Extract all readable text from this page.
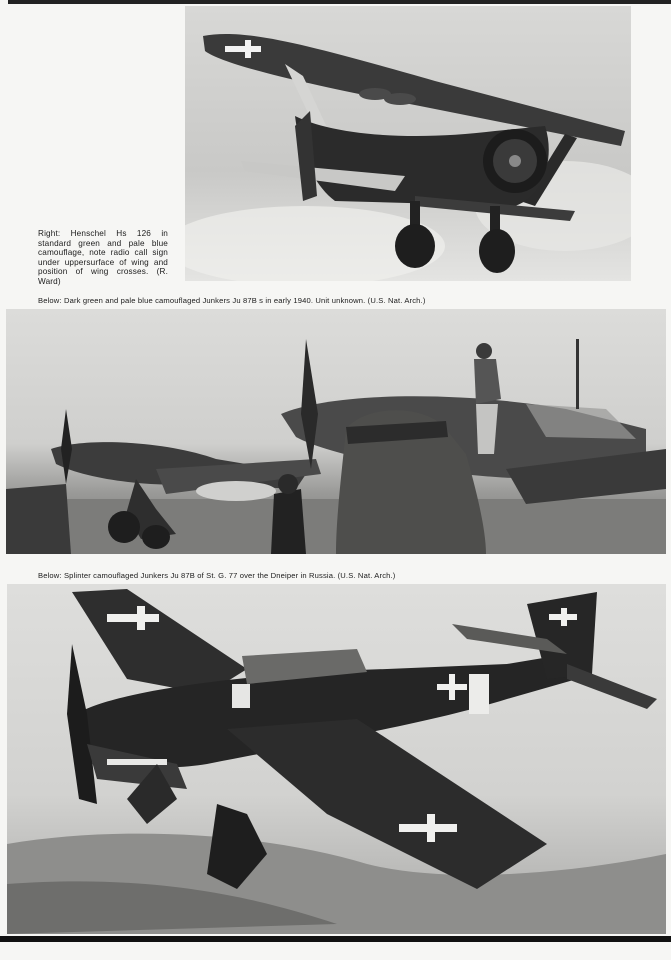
Right: Henschel Hs 126 in standard green and pale blue camouflage, note radio call sign under uppersurface of wing and position of wing crosses. (R. Ward)
Below: Dark green and pale blue camouflaged Junkers Ju 87B s in early 1940. Unit unknown. (U.S. Nat. Arch.)
Below: Splinter camouflaged Junkers Ju 87B of St. G. 77 over the Dneiper in Russia. (U.S. Nat. Arch.)
